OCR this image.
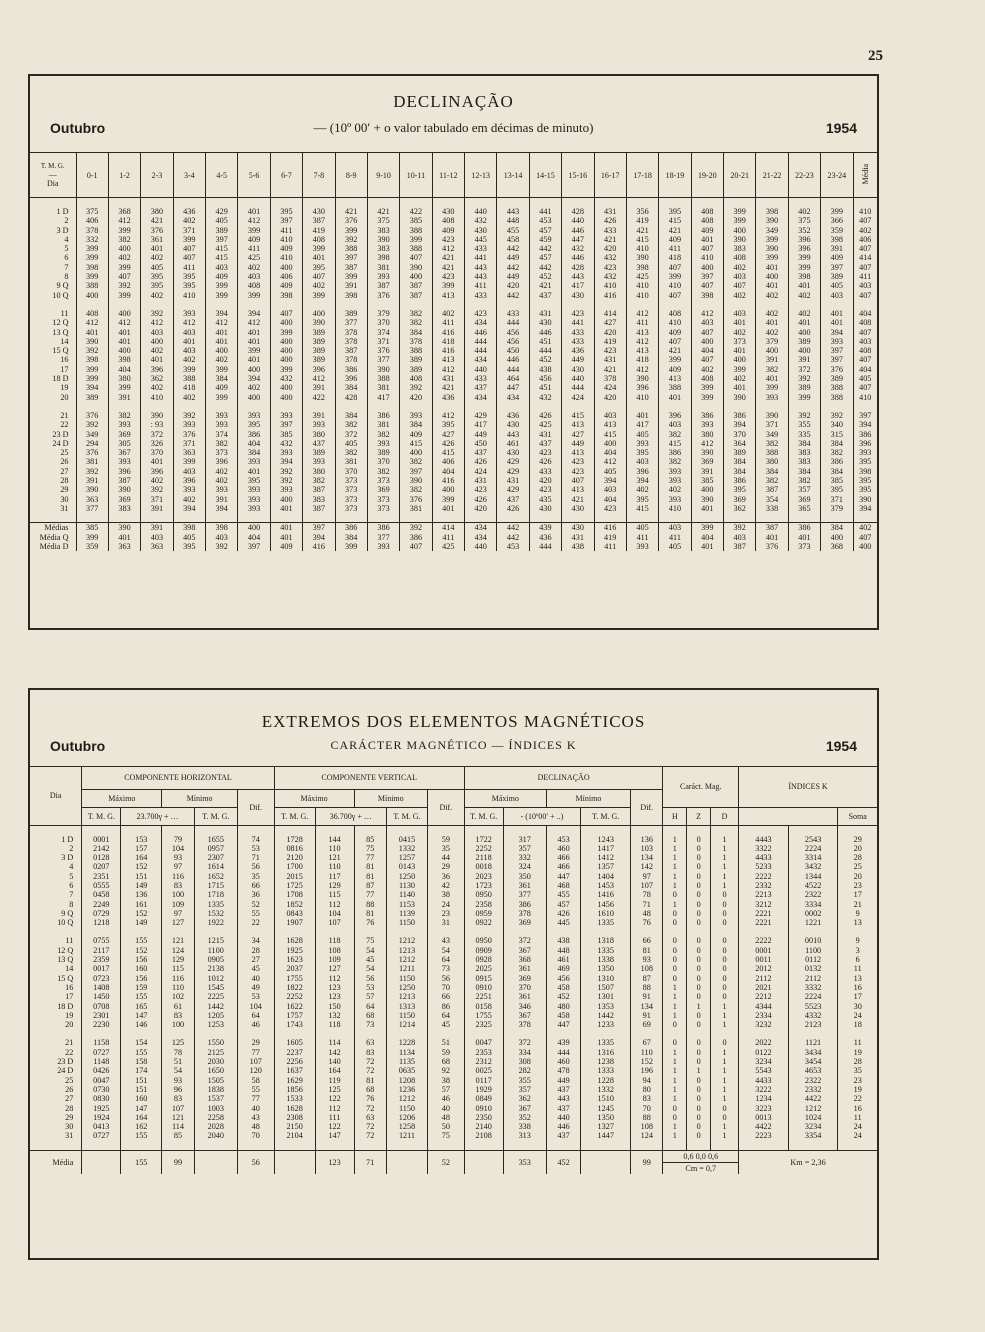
25
DECLINAÇÃO
Outubro	— (10º 00′ + o valor tabulado em décimas de minuto)	1954
T. M. G.
—
Dia	0-1	1-2	2-3	3-4	4-5	5-6	6-7	7-8	8-9	9-10	10-11	11-12	12-13	13-14	14-15	15-16	16-17	17-18	18-19	19-20	20-21	21-22	22-23	23-24	Média

1 D	375	368	380	436	429	401	395	430	421	421	422	430	440	443	441	428	431	356	395	408	399	398	402	399	410
2	406	412	421	402	405	412	397	387	376	375	385	408	432	448	453	440	426	419	415	408	399	390	375	366	407
3 D	378	399	376	371	389	399	411	419	399	383	388	409	430	455	457	446	433	421	421	409	400	349	352	359	402
4	332	382	361	399	397	409	410	408	392	390	399	423	445	458	459	447	421	415	409	401	390	399	396	398	406
5	399	400	401	407	415	411	409	399	388	383	388	412	433	442	442	432	420	410	411	407	383	390	396	391	407
6	399	402	402	407	415	425	410	401	397	398	407	421	441	449	457	446	432	390	418	410	408	399	399	409	414
7	398	399	405	411	403	402	400	395	387	381	390	421	443	442	442	428	423	398	407	400	402	401	399	397	407
8	399	407	395	395	409	403	406	407	399	393	400	423	443	449	452	443	432	425	399	397	403	400	398	389	411
9 Q	388	392	395	395	399	408	409	402	391	387	387	399	411	420	421	417	410	410	410	407	407	401	401	405	403
10 Q	400	399	402	410	399	399	398	399	398	376	387	413	433	442	437	430	416	410	407	398	402	402	402	403	407

11	408	400	392	393	394	394	407	400	389	379	382	402	423	433	431	423	414	412	408	412	403	402	402	401	404
12 Q	412	412	412	412	412	412	400	390	377	370	382	411	434	444	430	441	427	411	410	403	401	401	401	401	408
13 Q	401	401	403	403	401	401	399	389	378	374	384	416	446	456	446	433	420	413	409	407	402	402	400	394	407
14	390	401	400	401	401	401	400	389	378	371	378	418	444	456	451	433	419	412	407	400	373	379	389	393	403
15 Q	392	400	402	403	400	399	400	389	387	376	388	416	444	450	444	436	423	413	421	404	401	400	400	397	408
16	398	398	401	402	402	401	400	389	378	377	389	413	434	446	452	449	431	418	399	407	400	391	391	397	407
17	399	404	396	399	399	400	399	396	386	390	389	412	440	444	438	430	421	412	409	402	399	382	372	376	404
18 D	399	380	362	388	384	394	432	412	396	388	408	431	433	464	456	440	378	390	413	408	402	401	392	389	405
19	394	399	402	418	409	402	400	391	384	381	392	421	437	447	451	444	424	396	388	399	401	399	389	388	407
20	389	391	410	402	399	400	400	422	428	417	420	436	434	434	432	424	420	410	401	399	390	393	399	388	410

21	376	382	390	392	393	393	393	391	384	386	393	412	429	436	426	415	403	401	396	386	386	390	392	392	397
22	392	393	: 93	393	393	395	397	393	382	381	384	395	417	430	425	413	413	417	403	393	394	371	355	340	394
23 D	349	369	372	376	374	386	385	380	372	382	409	427	449	443	431	427	415	405	382	380	370	349	335	315	386
24 D	294	305	326	371	382	404	432	437	405	393	415	426	450	461	437	449	400	393	415	412	364	382	384	384	396
25	376	367	370	363	373	384	393	389	382	389	400	415	437	430	423	413	404	395	386	390	389	388	383	382	393
26	381	393	401	399	396	393	394	393	381	370	382	406	426	429	426	423	412	403	382	369	384	380	383	386	395
27	392	396	396	403	402	401	392	380	370	382	397	404	424	429	433	423	405	396	393	391	384	384	384	384	398
28	391	387	402	396	402	395	392	382	373	373	390	416	431	431	420	407	394	394	393	385	386	382	382	385	395
29	390	390	392	393	393	393	393	387	373	369	382	400	423	429	423	413	403	402	402	400	395	387	357	395	395
30	363	369	371	402	391	393	400	383	373	373	376	399	426	437	435	421	404	395	393	390	369	354	369	371	390
31	377	383	391	394	394	393	401	387	373	373	381	401	420	426	430	430	423	415	410	401	362	338	365	379	394

Médias	385	390	391	398	398	400	401	397	386	386	392	414	434	442	439	430	416	405	403	399	392	387	386	384	402
Média Q	399	401	403	405	403	404	401	394	384	377	386	411	434	442	436	431	419	411	411	404	403	401	401	400	407
Média D	359	363	363	395	392	397	409	416	399	393	407	425	440	453	444	438	411	393	405	401	387	376	373	368	400
EXTREMOS DOS ELEMENTOS MAGNÉTICOS
Outubro	CARÁCTER MAGNÉTICO — ÍNDICES K	1954
Dia	COMPONENTE HORIZONTAL					COMPONENTE VERTICAL					DECLINAÇÃO					Caráct. Mag.			ÍNDICES K		
	Máximo		Mínimo		Dif.	Máximo		Mínimo		Dif.	Máximo		Mínimo		Dif.						
	T. M. G.	23.700γ + …		T. M. G.		T. M. G.	36.700γ + …		T. M. G.		T. M. G.	- (10º00′ + ..)		T. M. G.		H	Z	D			Soma

1 D	0001	153	79	1655	74	1728	144	85	0415	59	1722	317	453	1243	136	1	0	1	4443	2543	29
2	2142	157	104	0957	53	0816	110	75	1332	35	2252	357	460	1417	103	1	0	1	3322	2224	20
3 D	0128	164	93	2307	71	2120	121	77	1257	44	2118	332	466	1412	134	1	0	1	4433	3314	28
4	0207	152	97	1614	56	1700	110	81	0143	29	0018	324	466	1357	142	1	0	1	5233	3432	25
5	2351	151	116	1652	35	2015	117	81	1250	36	2023	350	447	1404	97	1	0	1	2222	1344	20
6	0555	149	83	1715	66	1725	129	87	1130	42	1723	361	468	1453	107	1	0	1	2332	4522	23
7	0458	136	100	1718	36	1708	115	77	1140	38	0950	377	455	1416	78	0	0	0	2213	2322	17
8	2249	161	109	1335	52	1852	112	88	1153	24	2358	386	457	1456	71	1	0	0	3212	3334	21
9 Q	0729	152	97	1532	55	0843	104	81	1139	23	0959	378	426	1610	48	0	0	0	2221	0002	9
10 Q	1218	149	127	1922	22	1907	107	76	1150	31	0922	369	445	1335	76	0	0	0	2221	1221	13

11	0755	155	121	1215	34	1628	118	75	1212	43	0950	372	438	1318	66	0	0	0	2222	0010	9
12 Q	2117	152	124	1100	28	1925	108	54	1213	54	0909	367	448	1335	81	0	0	0	0001	1100	3
13 Q	2359	156	129	0905	27	1623	109	45	1212	64	0928	368	461	1338	93	0	0	0	0011	0112	6
14	0017	160	115	2138	45	2037	127	54	1211	73	2025	361	469	1350	108	0	0	0	2012	0132	11
15 Q	0723	156	116	1012	40	1755	112	56	1150	56	0915	369	456	1310	87	0	0	0	2112	2112	13
16	1408	159	110	1545	49	1822	123	53	1250	70	0910	370	458	1507	88	1	0	0	2021	3332	16
17	1450	155	102	2225	53	2252	123	57	1213	66	2251	361	452	1301	91	1	0	0	2212	2224	17
18 D	0708	165	61	1442	104	1622	150	64	1313	86	0158	346	480	1353	134	1	1	1	4344	5523	30
19	2301	147	83	1205	64	1757	132	68	1150	64	1755	367	458	1442	91	1	0	1	2334	4332	24
20	2230	146	100	1253	46	1743	118	73	1214	45	2325	378	447	1233	69	0	0	1	3232	2123	18

21	1158	154	125	1550	29	1605	114	63	1228	51	0047	372	439	1335	67	0	0	0	2022	1121	11
22	0727	155	78	2125	77	2237	142	83	1134	59	2353	334	444	1316	110	1	0	1	0122	3434	19
23 D	1148	158	51	2030	107	2256	140	72	1135	68	2312	308	460	1238	152	1	0	1	3234	3454	28
24 D	0426	174	54	1650	120	1637	164	72	0635	92	0025	282	478	1333	196	1	1	1	5543	4653	35
25	0047	151	93	1505	58	1629	119	81	1208	38	0117	355	449	1228	94	1	0	1	4433	2322	23
26	0730	151	96	1838	55	1856	125	68	1236	57	1929	357	437	1332	80	1	0	1	3222	2332	19
27	0830	160	83	1537	77	1533	122	76	1212	46	0849	362	443	1510	83	1	0	1	1234	4422	22
28	1925	147	107	1003	40	1628	112	72	1150	40	0910	367	437	1245	70	0	0	0	3223	1212	16
29	1924	164	121	2258	43	2308	111	63	1206	48	2350	352	440	1350	88	0	0	0	0013	1024	11
30	0413	162	114	2028	48	2150	122	72	1258	50	2140	338	446	1327	108	1	0	1	4422	3234	24
31	0727	155	85	2040	70	2104	147	72	1211	75	2108	313	437	1447	124	1	0	1	2223	3354	24

Média		155	99		56		123	71		52		353	452		99	0,6 0,0 0,6
Cm = 0,7			Km = 2,36		
